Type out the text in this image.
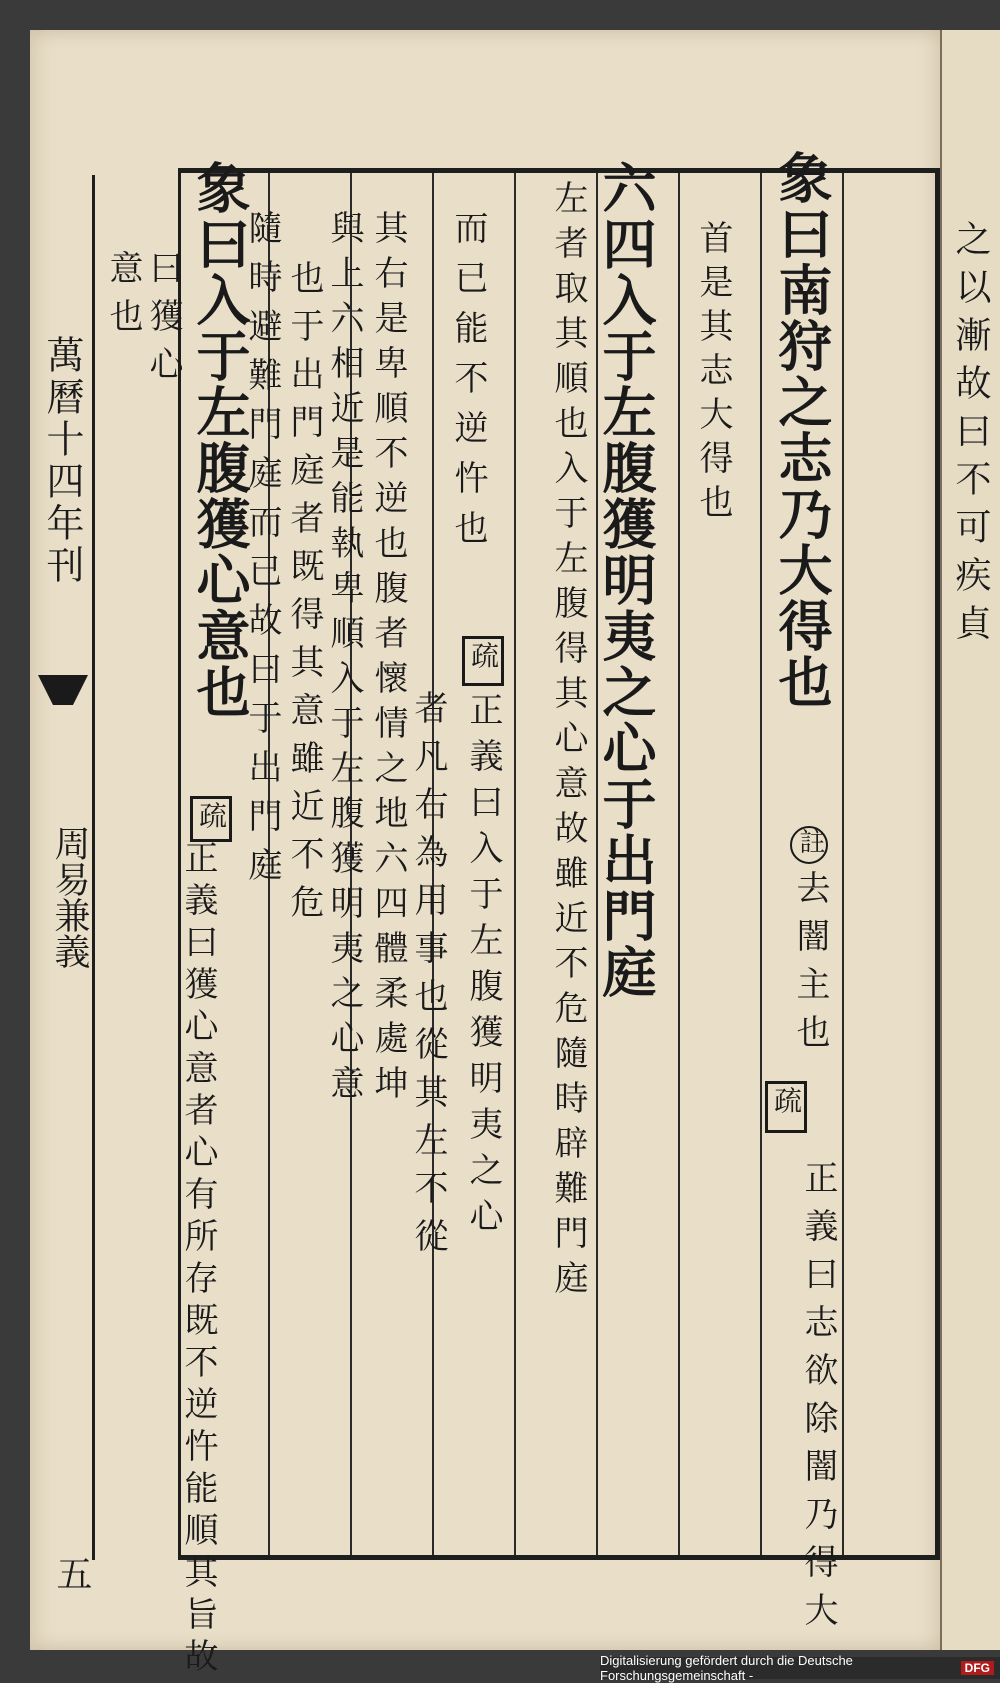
萬曆十四年刊
周易兼義
五
象曰南狩之志乃大得也
註去闇主也
疏
正義曰志欲除闇乃得大
首是其志大得也
六四入于左腹獲明夷之心于出門庭
左者取其順也入于左腹得其心意故雖近不危隨時辟難門庭
而已能不逆忤也
疏正義曰入于左腹獲明夷之心
者凡右為用事也從其左不從
其右是卑順不逆也腹者懷情之地六四體柔處坤
與上六相近是能執卑順入于左腹獲明夷之心意
也于出門庭者既得其意雖近不危
隨時避難門庭而已故曰于出門庭
象曰入于左腹獲心意也
疏
正義曰獲心意者心有所存既不逆忤能順其旨故
曰獲心
意也	之以漸故曰不可疾貞
Digitalisierung gefördert durch die Deutsche Forschungsgemeinschaft -	DFG
